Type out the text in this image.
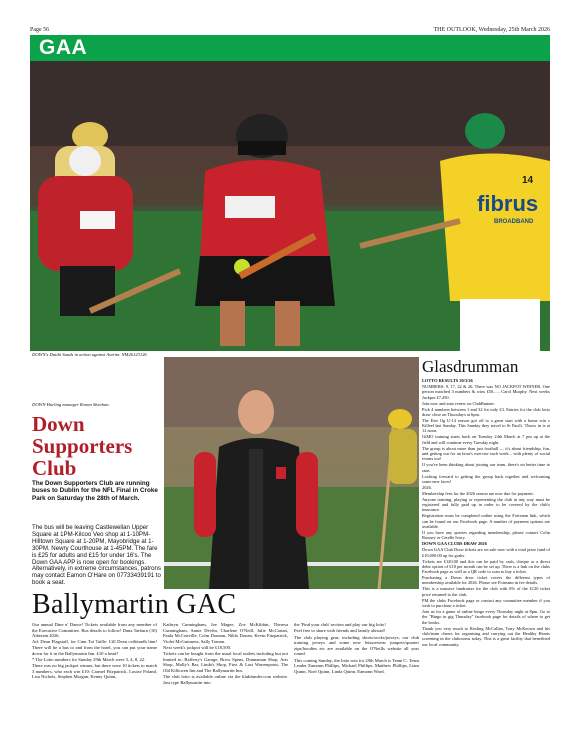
Page 56	THE OUTLOOK, Wednesday, 25th March 2026
GAA
fibrus
BROADBAND
14
DOWN's Daithi Sands in action against Antrim. NM26123126
DOWN Hurling manager Ronan Sheehan.
Down Supporters Club
The Down Supporters Club are running buses to Dublin for the NFL Final in Croke Park on Saturday the 28th of March.
The bus will be leaving Castlewellan Upper Square at 1PM-Kilcoo Veo shop at 1-10PM-Hilltown Square at 1-20PM, Mayobridge at 1-30PM. Newry Courthouse at 1-45PM. The fare is £25 for adults and £15 for under 16's. The Down GAA APP is now open for bookings. Alternatively, in extreme circumstances, patrons may contact Eamon O'Hare on 07733439191 to book a seat.
Glasdrumman

LOTTO RESULTS 20/3/26

NUMBERS: 9, 17, 22 & 26. There was NO JACKPOT WINNER. One person matched 3 numbers & wins £50...... Carol Murphy. Next weeks Jackpot £7,450.

Join now and auto renew on ClubRunner.

Pick 4 numbers between 1 and 32 for only £3. Entries for the club lotto draw close on Thursdays at 6pm.

The Eire Og U-14 season got off to a great start with a home win v Killeel last Sunday. This Sunday they travel to St Paul's. Throw in is at 12 noon.

GiMO training starts back on Tuesday 24th March at 7 pm up at the field and will continue every Tuesday night.

The group is about more than just football — it's about friendship, fun, and getting out for an hour's exercise each week... with plenty of social events too!

If you've been thinking about joining our team, there's no better time to start.

Looking forward to getting the group back together and welcoming some new faces!

2026.

Membership fees for the 2026 season are now due for payment.

Anyone training, playing or representing the club in any way must be registered and fully paid up in order to be covered by the club's insurance.

Registration must be completed online using the Foireann link, which can be found on our Facebook page. A number of payment options are available.

If you have any queries regarding membership, please contact Colin Rooney or Cerelle Ivory.

DOWN GAA CLUBS DRAW 2026

Down GAA Club Draw tickets are on sale now with a total prize fund of £10,000.00 up for grabs.

Tickets are £120.00 and this can be paid by cash, cheque or a direct debit option of £10 per month can be set up. There is a link on the clubs Facebook page as well as a QR code to scan to buy a ticket.

Purchasing a Down draw ticket covers the different types of membership available for 2026. Please see Foireann in fee details.

This is a massive fundraiser for the club with 6% of the £120 ticket price returned to the club.

PM the clubs Facebook page or contact any committee member if you wish to purchase a ticket.

Join us for a game of online bingo every Thursday night at 8pm. Go to the "Bingo in gig Thursday" facebook page for details of where to get the books.

Thank you very much to Rosling McCallan, Tony McKeown and his club/team cheers for organising and carrying out the Healthy Hearts screening in the clubrooms today. This is a great facility that benefitted our local community.

Ballymartin GAC

Our annual Dine n' Dance! Tickets available from any member of the Executive Committee. Bus details to follow! Dana Tarburn (10) Aiberain 2026.

Ad: Dean Flagstaff, for Cinn Trá Taille: Cill Dean ceiliúradh linn! There will be a bus to and from the hotel, you can put your name down for it in the Ballymartin Inn. £10 a head!

* The Lotto numbers for Sunday 29th March were 3, 4, 8, 22.

There was no big jackpot winner, but there were 10 tickets to match 3 numbers, who each win £10: Carmel Fitzpatrick, Louise Poland, Lisa Nichols, Stephen Morgan, Kenny Quinn,

Kathryn Cunningham, Joe Magee, Zoe McKibbin, Theresa Cunningham, Annie Devlin, Charlene O'Neill, Julie McCartan, Paula McConville, Colm Donnan, Niblo Donan, Kevin Fitzpatrick, Violet McGuinness, Sally Toman.

Next week's jackpot will be £18,500.

Tickets can be bought from the usual local outlets including but not limited to: Rafferty's Garage, Brow Spens, Dunnaman Shop, Arts Shop, Molly's Bar, Linda's Shop, First & Last Warrenpoint, The Old Killowen Inn and The Ballymartin Inn.

The club lotto is available online via the klubfunder.com website. Just type Ballymartin into

the 'Find your club' section and play our big lotto!

Feel free to share with friends and family abroad!

The club playing gear, including shorts/socks/jerseys, our club training jerseys and some new leisurewear jumpers/quarter zips/hoodies etc are available on the O'Neills website all year round.

This coming Sunday, the lotto rota for 29th March is Team C: Team Leader Eamonn Phillips, Michael Phillips, Matthew Phillips, Liam Quinn, Noel Quinn, Linda Quinn, Eamonn Ward.
